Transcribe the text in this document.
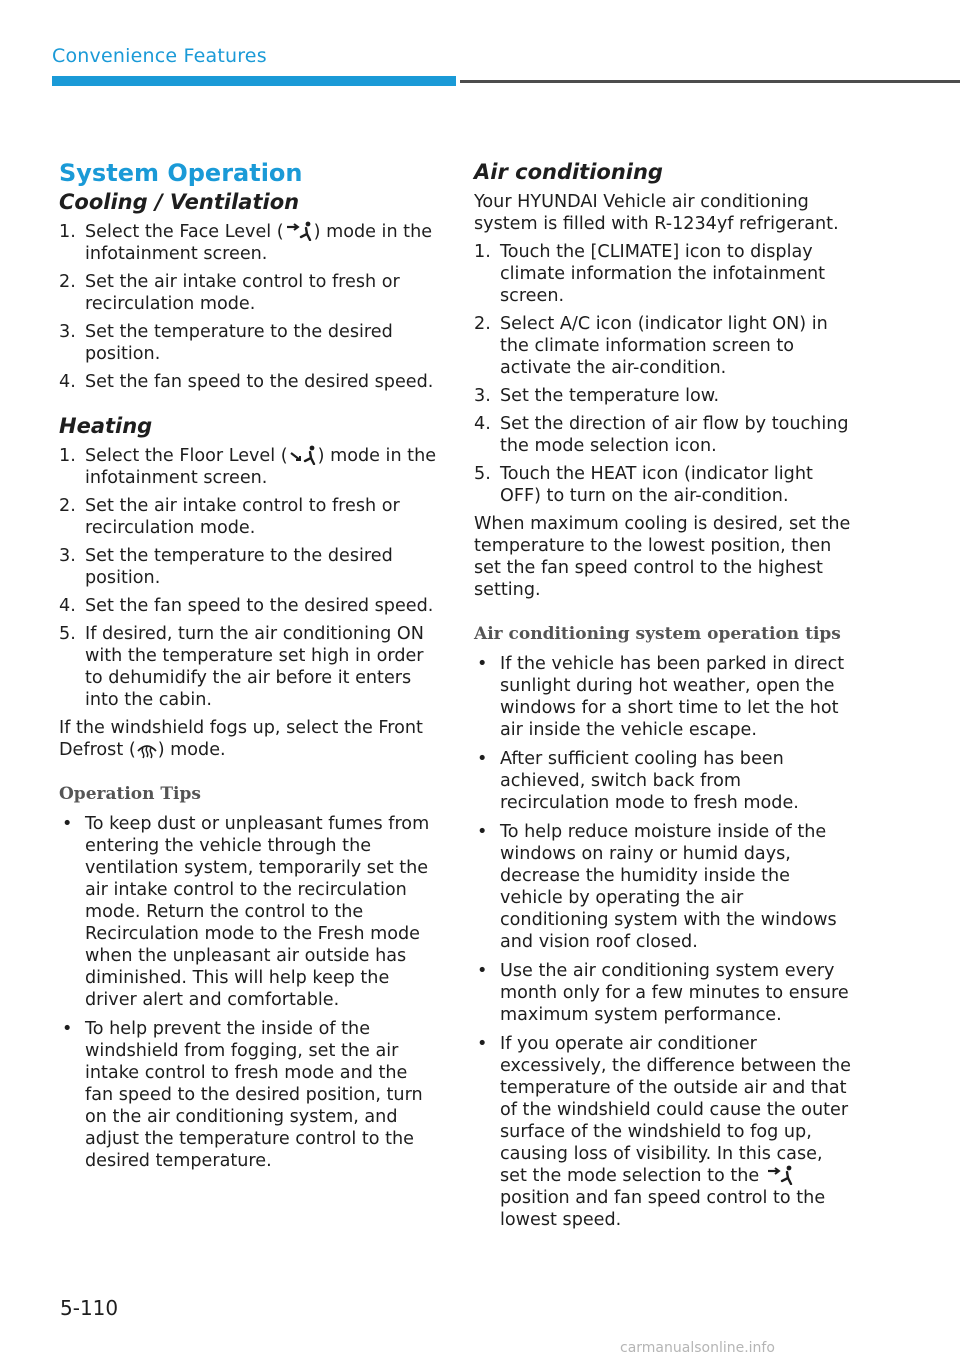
Convenience Features
System Operation
Cooling / Ventilation
1. Select the Face Level ( ) mode in the infotainment screen.
2. Set the air intake control to fresh or recirculation mode.
3. Set the temperature to the desired position.
4. Set the fan speed to the desired speed.
Heating
1. Select the Floor Level ( ) mode in the infotainment screen.
2. Set the air intake control to fresh or recirculation mode.
3. Set the temperature to the desired position.
4. Set the fan speed to the desired speed.
5. If desired, turn the air conditioning ON with the temperature set high in order to dehumidify the air before it enters into the cabin.

If the windshield fogs up, select the Front Defrost ( ) mode.

Operation Tips
• To keep dust or unpleasant fumes from entering the vehicle through the ventilation system, temporarily set the air intake control to the recirculation mode. Return the control to the Recirculation mode to the Fresh mode when the unpleasant air outside has diminished. This will help keep the driver alert and comfortable.
• To help prevent the inside of the windshield from fogging, set the air intake control to fresh mode and the fan speed to the desired position, turn on the air conditioning system, and adjust the temperature control to the desired temperature.
Air conditioning

Your HYUNDAI Vehicle air conditioning system is filled with R-1234yf refrigerant.

1. Touch the [CLIMATE] icon to display climate information the infotainment screen.
2. Select A/C icon (indicator light ON) in the climate information screen to activate the air-condition.
3. Set the temperature low.
4. Set the direction of air flow by touching the mode selection icon.
5. Touch the HEAT icon (indicator light OFF) to turn on the air-condition.

When maximum cooling is desired, set the temperature to the lowest position, then set the fan speed control to the highest setting.

Air conditioning system operation tips
• If the vehicle has been parked in direct sunlight during hot weather, open the windows for a short time to let the hot air inside the vehicle escape.
• After sufficient cooling has been achieved, switch back from recirculation mode to fresh mode.
• To help reduce moisture inside of the windows on rainy or humid days, decrease the humidity inside the vehicle by operating the air conditioning system with the windows and vision roof closed.
• Use the air conditioning system every month only for a few minutes to ensure maximum system performance.
• If you operate air conditioner excessively, the difference between the temperature of the outside air and that of the windshield could cause the outer surface of the windshield to fog up, causing loss of visibility. In this case, set the mode selection to the  position and fan speed control to the lowest speed.
5-110
carmanualsonline.info
